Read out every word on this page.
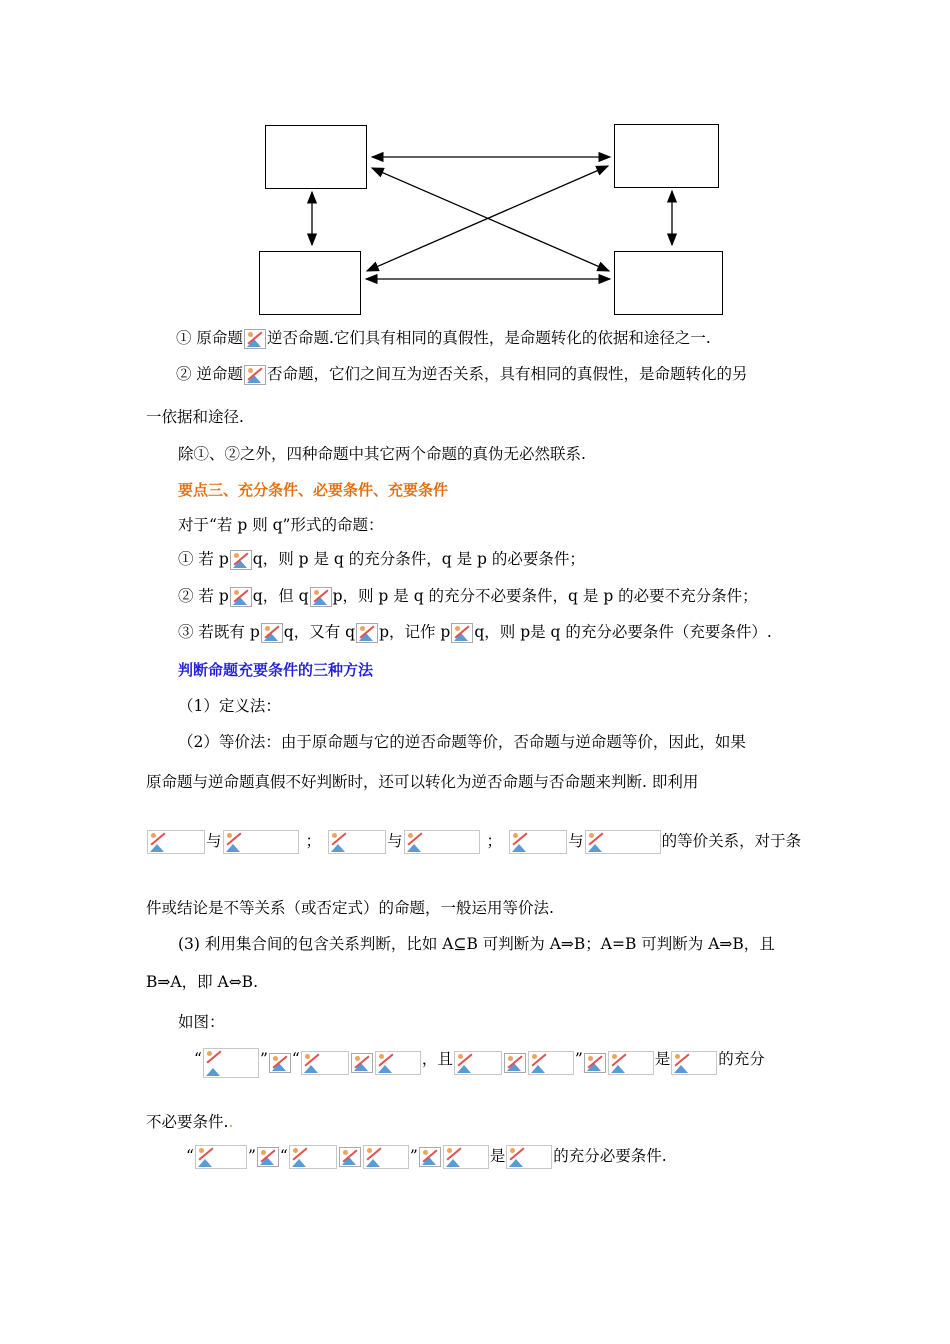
① 原命题 逆否命题.它们具有相同的真假性，是命题转化的依据和途径之一.
② 逆命题 否命题，它们之间互为逆否关系，具有相同的真假性，是命题转化的另
一依据和途径.
除①、②之外，四种命题中其它两个命题的真伪无必然联系.
要点三、充分条件、必要条件、充要条件
对于“若 p 则 q”形式的命题：
① 若 p q，则 p 是 q 的充分条件，q 是 p 的必要条件；
② 若 p q，但 q p，则 p 是 q 的充分不必要条件，q 是 p 的必要不充分条件；
③ 若既有 p q，又有 q p，记作 p q，则 p是 q 的充分必要条件（充要条件）.
判断命题充要条件的三种方法
（1）定义法：
（2）等价法：由于原命题与它的逆否命题等价，否命题与逆命题等价，因此，如果
原命题与逆命题真假不好判断时，还可以转化为逆否命题与否命题来判断. 即利用
与	；	与	；	与	的等价关系，对于条
件或结论是不等关系（或否定式）的命题，一般运用等价法.
(3) 利用集合间的包含关系判断，比如 A⊆B 可判断为 A⇒B；A=B 可判断为 A⇒B，且
B⇒A，即 A⇔B.
如图：
“	” “	，且	”	是	的充分
不必要条件..
“	” “	”	是	的充分必要条件.
